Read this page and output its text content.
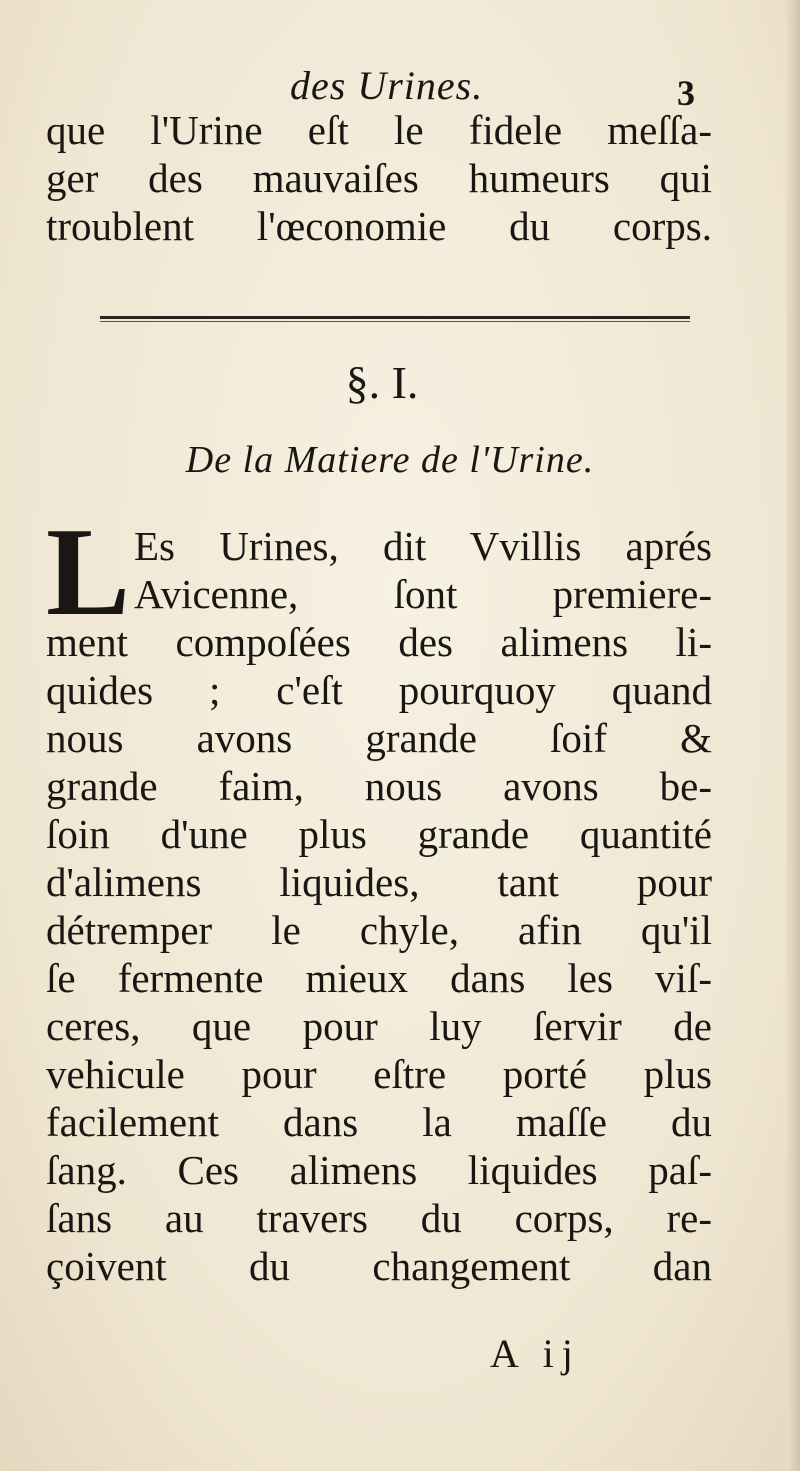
des Urines.	3
que l'Urine eſt le fidele meſſa-
ger des mauvaiſes humeurs qui
troublent l'œconomie du corps.
§. I.
De la Matiere de l'Urine.
L Es Urines, dit Vvillis aprés
Avicenne, ſont premiere-
ment compoſées des alimens li-
quides ; c'eſt pourquoy quand
nous avons grande ſoif &
grande faim, nous avons be-
ſoin d'une plus grande quantité
d'alimens liquides, tant pour
détremper le chyle, afin qu'il
ſe fermente mieux dans les viſ-
ceres, que pour luy ſervir de
vehicule pour eſtre porté plus
facilement dans la maſſe du
ſang. Ces alimens liquides paſ-
ſans au travers du corps, re-
çoivent du changement dan
A ij
